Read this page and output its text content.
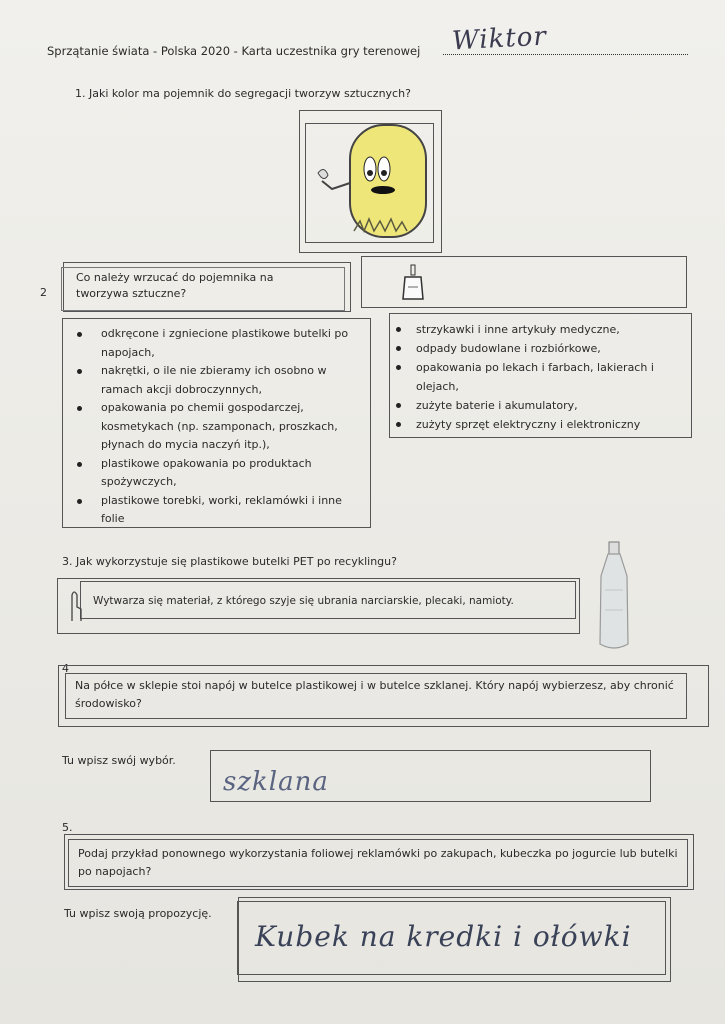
Sprzątanie świata - Polska 2020 - Karta uczestnika gry terenowej Wiktor
1. Jaki kolor ma pojemnik do segregacji tworzyw sztucznych?
2
Co należy wrzucać do pojemnika na tworzywa sztuczne?
odkręcone i zgniecione plastikowe butelki po napojach,
nakrętki, o ile nie zbieramy ich osobno w ramach akcji dobroczynnych,
opakowania po chemii gospodarczej, kosmetykach (np. szamponach, proszkach, płynach do mycia naczyń itp.),
plastikowe opakowania po produktach spożywczych,
plastikowe torebki, worki, reklamówki i inne folie
strzykawki i inne artykuły medyczne,
odpady budowlane i rozbiórkowe,
opakowania po lekach i farbach, lakierach i olejach,
zużyte baterie i akumulatory,
zużyty sprzęt elektryczny i elektroniczny
3. Jak wykorzystuje się plastikowe butelki PET po recyklingu?
Wytwarza się materiał, z którego szyje się ubrania narciarskie, plecaki, namioty.
4
Na półce w sklepie stoi napój w butelce plastikowej i w butelce szklanej. Który napój wybierzesz, aby chronić środowisko?
Tu wpisz swój wybór.
szklana
5.
Podaj przykład ponownego wykorzystania foliowej reklamówki po zakupach, kubeczka po jogurcie lub butelki po napojach?
Tu wpisz swoją propozycję.
Kubek na kredki i ołówki
